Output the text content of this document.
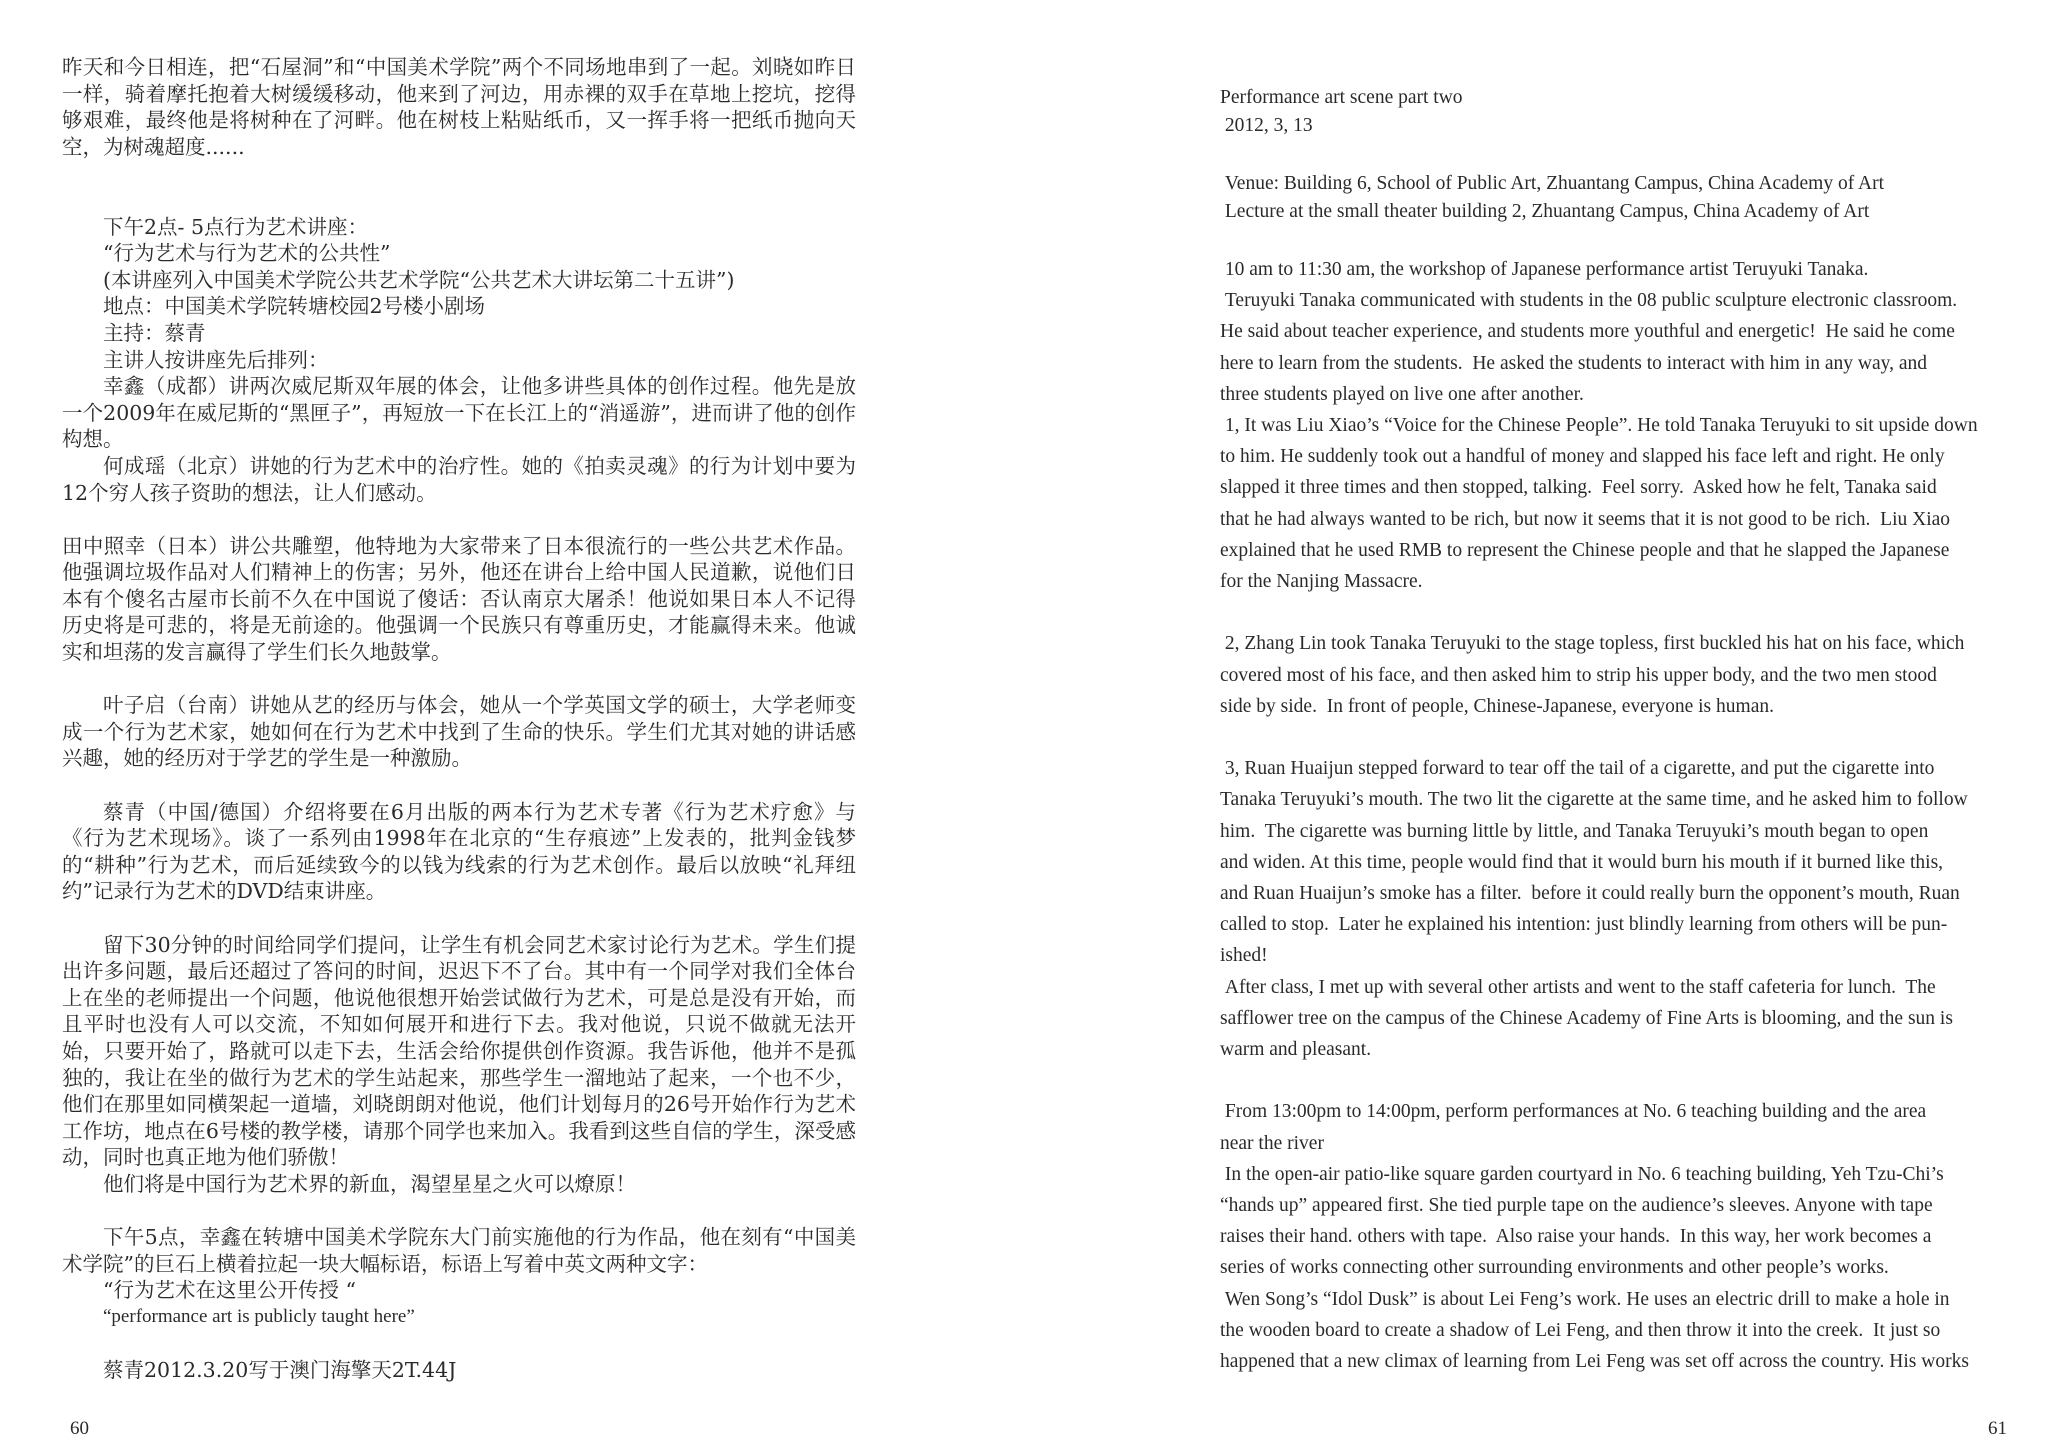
昨天和今日相连，把“石屋洞”和“中国美术学院”两个不同场地串到了一起。刘晓如昨日一样，骑着摩托抱着大树缓缓移动，他来到了河边，用赤裸的双手在草地上挖坑，挖得够艰难，最终他是将树种在了河畔。他在树枝上粘贴纸币，又一挥手将一把纸币抛向天空，为树魂超度......

下午2点- 5点行为艺术讲座：

“行为艺术与行为艺术的公共性”

(本讲座列入中国美术学院公共艺术学院“公共艺术大讲坛第二十五讲”)

地点：中国美术学院转塘校园2号楼小剧场

主持：蔡青

主讲人按讲座先后排列：

幸鑫（成都）讲两次威尼斯双年展的体会，让他多讲些具体的创作过程。他先是放一个2009年在威尼斯的“黑匣子”，再短放一下在长江上的“消遥游”，进而讲了他的创作构想。

何成瑶（北京）讲她的行为艺术中的治疗性。她的《拍卖灵魂》的行为计划中要为12个穷人孩子资助的想法，让人们感动。

田中照幸（日本）讲公共雕塑，他特地为大家带来了日本很流行的一些公共艺术作品。他强调垃圾作品对人们精神上的伤害；另外，他还在讲台上给中国人民道歉，说他们日本有个傻名古屋市长前不久在中国说了傻话：否认南京大屠杀！他说如果日本人不记得历史将是可悲的，将是无前途的。他强调一个民族只有尊重历史，才能赢得未来。他诚实和坦荡的发言赢得了学生们长久地鼓掌。

叶子启（台南）讲她从艺的经历与体会，她从一个学英国文学的硕士，大学老师变成一个行为艺术家，她如何在行为艺术中找到了生命的快乐。学生们尤其对她的讲话感兴趣，她的经历对于学艺的学生是一种激励。

蔡青（中国/德国）介绍将要在6月出版的两本行为艺术专著《行为艺术疗愈》与《行为艺术现场》。谈了一系列由1998年在北京的“生存痕迹”上发表的，批判金钱梦的“耕种”行为艺术，而后延续致今的以钱为线索的行为艺术创作。最后以放映“礼拜纽约”记录行为艺术的DVD结束讲座。

留下30分钟的时间给同学们提问，让学生有机会同艺术家讨论行为艺术。学生们提出许多问题，最后还超过了答问的时间，迟迟下不了台。其中有一个同学对我们全体台上在坐的老师提出一个问题，他说他很想开始尝试做行为艺术，可是总是没有开始，而且平时也没有人可以交流，不知如何展开和进行下去。我对他说，只说不做就无法开始，只要开始了，路就可以走下去，生活会给你提供创作资源。我告诉他，他并不是孤独的，我让在坐的做行为艺术的学生站起来，那些学生一溜地站了起来，一个也不少，他们在那里如同横架起一道墙，刘晓朗朗对他说，他们计划每月的26号开始作行为艺术工作坊，地点在6号楼的教学楼，请那个同学也来加入。我看到这些自信的学生，深受感动，同时也真正地为他们骄傲！

他们将是中国行为艺术界的新血，渴望星星之火可以燎原！

下午5点，幸鑫在转塘中国美术学院东大门前实施他的行为作品，他在刻有“中国美术学院”的巨石上横着拉起一块大幅标语，标语上写着中英文两种文字：

“行为艺术在这里公开传授 “

“performance art is publicly taught here”

蔡青2012.3.20写于澳门海擎天2T.44J

60

Performance art scene part two

2012, 3, 13

Venue: Building 6, School of Public Art, Zhuantang Campus, China Academy of Art

Lecture at the small theater building 2, Zhuantang Campus, China Academy of Art

10 am to 11:30 am, the workshop of Japanese performance artist Teruyuki Tanaka.

Teruyuki Tanaka communicated with students in the 08 public sculpture electronic classroom.

He said about teacher experience, and students more youthful and energetic!  He said he come

here to learn from the students.  He asked the students to interact with him in any way, and

three students played on live one after another.

1, It was Liu Xiao’s “Voice for the Chinese People”. He told Tanaka Teruyuki to sit upside down

to him. He suddenly took out a handful of money and slapped his face left and right. He only

slapped it three times and then stopped, talking.  Feel sorry.  Asked how he felt, Tanaka said

that he had always wanted to be rich, but now it seems that it is not good to be rich.  Liu Xiao

explained that he used RMB to represent the Chinese people and that he slapped the Japanese

for the Nanjing Massacre.

2, Zhang Lin took Tanaka Teruyuki to the stage topless, first buckled his hat on his face, which

covered most of his face, and then asked him to strip his upper body, and the two men stood

side by side.  In front of people, Chinese-Japanese, everyone is human.

3, Ruan Huaijun stepped forward to tear off the tail of a cigarette, and put the cigarette into

Tanaka Teruyuki’s mouth. The two lit the cigarette at the same time, and he asked him to follow

him.  The cigarette was burning little by little, and Tanaka Teruyuki’s mouth began to open

and widen. At this time, people would find that it would burn his mouth if it burned like this,

and Ruan Huaijun’s smoke has a filter.  before it could really burn the opponent’s mouth, Ruan

called to stop.  Later he explained his intention: just blindly learning from others will be pun-

ished!

After class, I met up with several other artists and went to the staff cafeteria for lunch.  The

safflower tree on the campus of the Chinese Academy of Fine Arts is blooming, and the sun is

warm and pleasant.

From 13:00pm to 14:00pm, perform performances at No. 6 teaching building and the area

near the river

In the open-air patio-like square garden courtyard in No. 6 teaching building, Yeh Tzu-Chi’s

“hands up” appeared first. She tied purple tape on the audience’s sleeves. Anyone with tape

raises their hand. others with tape.  Also raise your hands.  In this way, her work becomes a

series of works connecting other surrounding environments and other people’s works.

Wen Song’s “Idol Dusk” is about Lei Feng’s work. He uses an electric drill to make a hole in

the wooden board to create a shadow of Lei Feng, and then throw it into the creek.  It just so

happened that a new climax of learning from Lei Feng was set off across the country. His works

61
